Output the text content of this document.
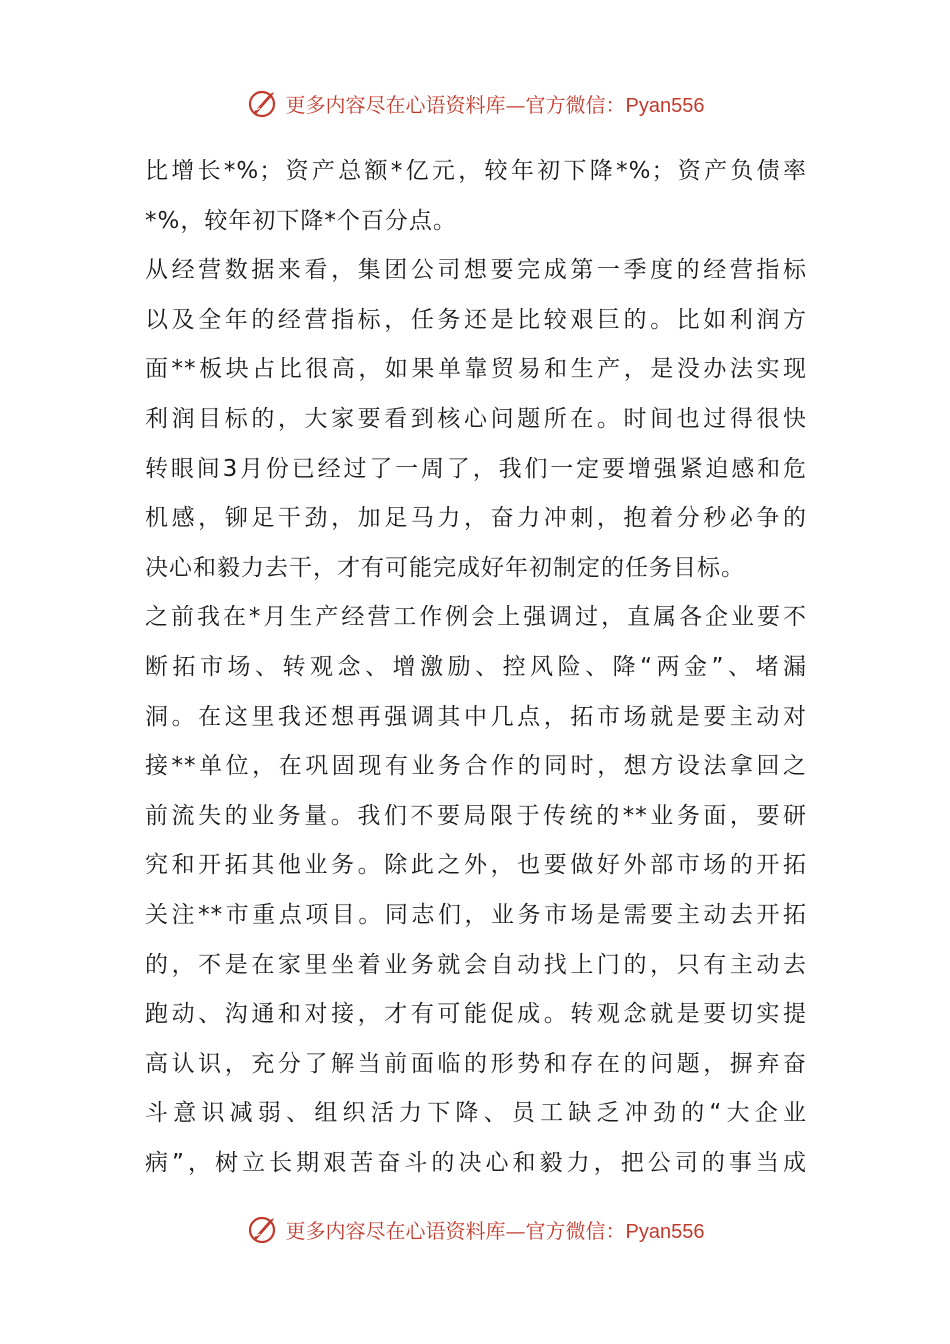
更多内容尽在心语资料库—官方微信：Pyan556
比增长*%；资产总额*亿元，较年初下降*%；资产负债率
*%，较年初下降*个百分点。
从经营数据来看，集团公司想要完成第一季度的经营指标
以及全年的经营指标，任务还是比较艰巨的。比如利润方
面**板块占比很高，如果单靠贸易和生产，是没办法实现
利润目标的，大家要看到核心问题所在。时间也过得很快
转眼间3月份已经过了一周了，我们一定要增强紧迫感和危
机感，铆足干劲，加足马力，奋力冲刺，抱着分秒必争的
决心和毅力去干，才有可能完成好年初制定的任务目标。
之前我在*月生产经营工作例会上强调过，直属各企业要不
断拓市场、转观念、增激励、控风险、降“两金”、堵漏
洞。在这里我还想再强调其中几点，拓市场就是要主动对
接**单位，在巩固现有业务合作的同时，想方设法拿回之
前流失的业务量。我们不要局限于传统的**业务面，要研
究和开拓其他业务。除此之外，也要做好外部市场的开拓
关注**市重点项目。同志们，业务市场是需要主动去开拓
的，不是在家里坐着业务就会自动找上门的，只有主动去
跑动、沟通和对接，才有可能促成。转观念就是要切实提
高认识，充分了解当前面临的形势和存在的问题，摒弃奋
斗意识减弱、组织活力下降、员工缺乏冲劲的“大企业
病”，树立长期艰苦奋斗的决心和毅力，把公司的事当成
更多内容尽在心语资料库—官方微信：Pyan556
